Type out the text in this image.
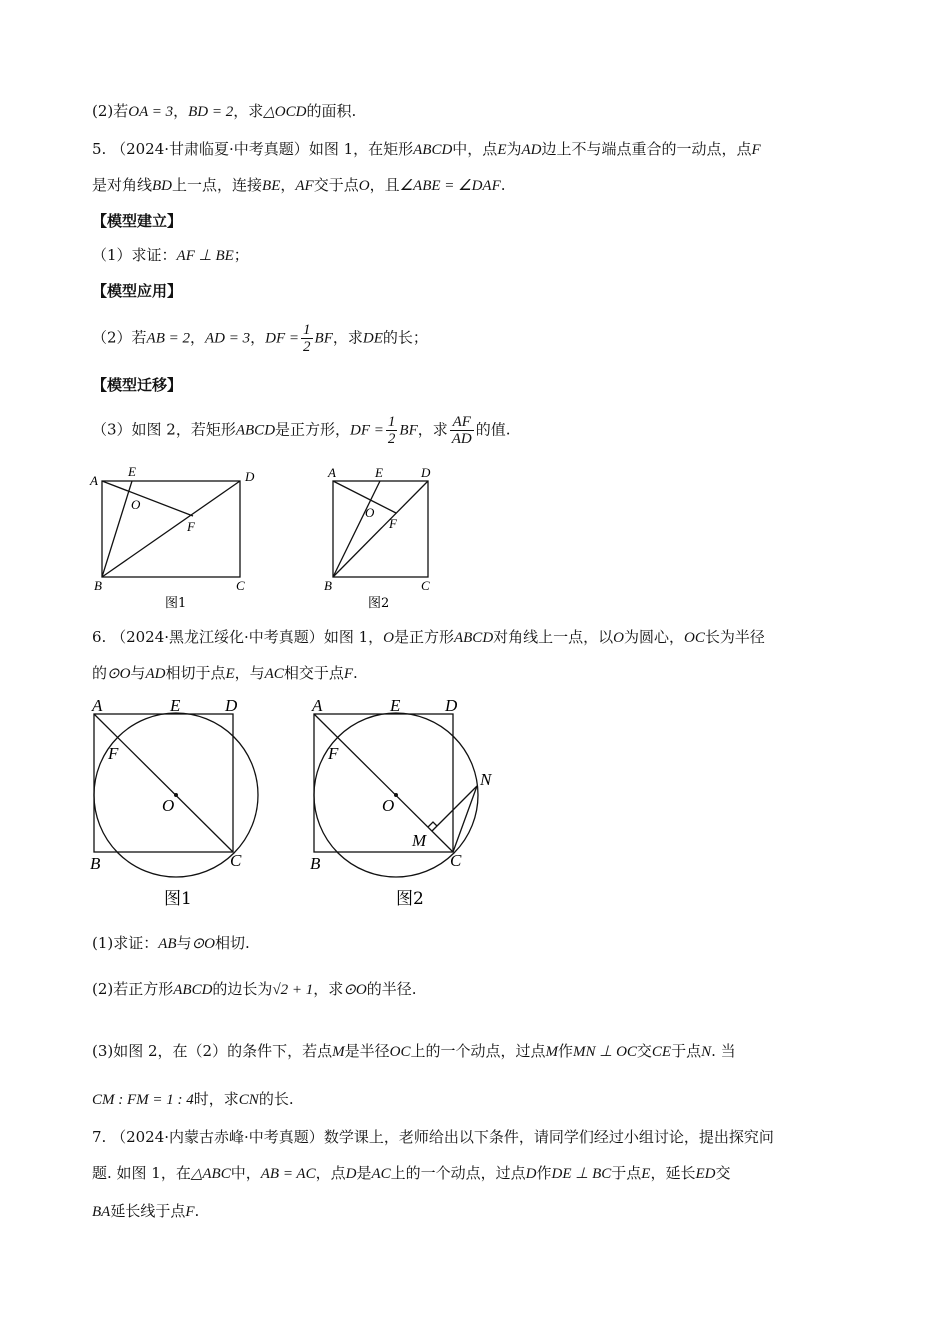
(2)若OA = 3，BD = 2，求△OCD的面积.
5. （2024·甘肃临夏·中考真题）如图 1，在矩形ABCD中，点E为AD边上不与端点重合的一动点，点F
是对角线BD上一点，连接BE，AF交于点O，且∠ABE = ∠DAF.
【模型建立】
（1）求证：AF ⊥ BE；
【模型应用】
（2）若AB = 2，AD = 3，DF = $\frac{1}{2}$ BF，求DE的长；
【模型迁移】
（3）如图 2，若矩形ABCD是正方形，DF = $\frac{1}{2}$ BF，求 $\frac{AF}{AD}$ 的值.
A
E	D
O
F
B	C
图1
A	E	D
O
F
B	C
图2
6. （2024·黑龙江绥化·中考真题）如图 1，O是正方形ABCD对角线上一点，以O为圆心，OC长为半径
的⊙O与AD相切于点E，与AC相交于点F.
A	E	D
F
O
B	C
图1
A	E	D
F
O
M
N
B	C
图2
(1)求证：AB与⊙O相切.
(2)若正方形ABCD的边长为√2 + 1，求⊙O的半径.
(3)如图 2，在（2）的条件下，若点M是半径OC上的一个动点，过点M作MN ⊥ OC交CE于点N. 当
CM : FM = 1 : 4时，求CN的长.
7. （2024·内蒙古赤峰·中考真题）数学课上，老师给出以下条件，请同学们经过小组讨论，提出探究问
题. 如图 1，在△ABC中，AB = AC，点D是AC上的一个动点，过点D作DE ⊥ BC于点E，延长ED交
BA延长线于点F.
